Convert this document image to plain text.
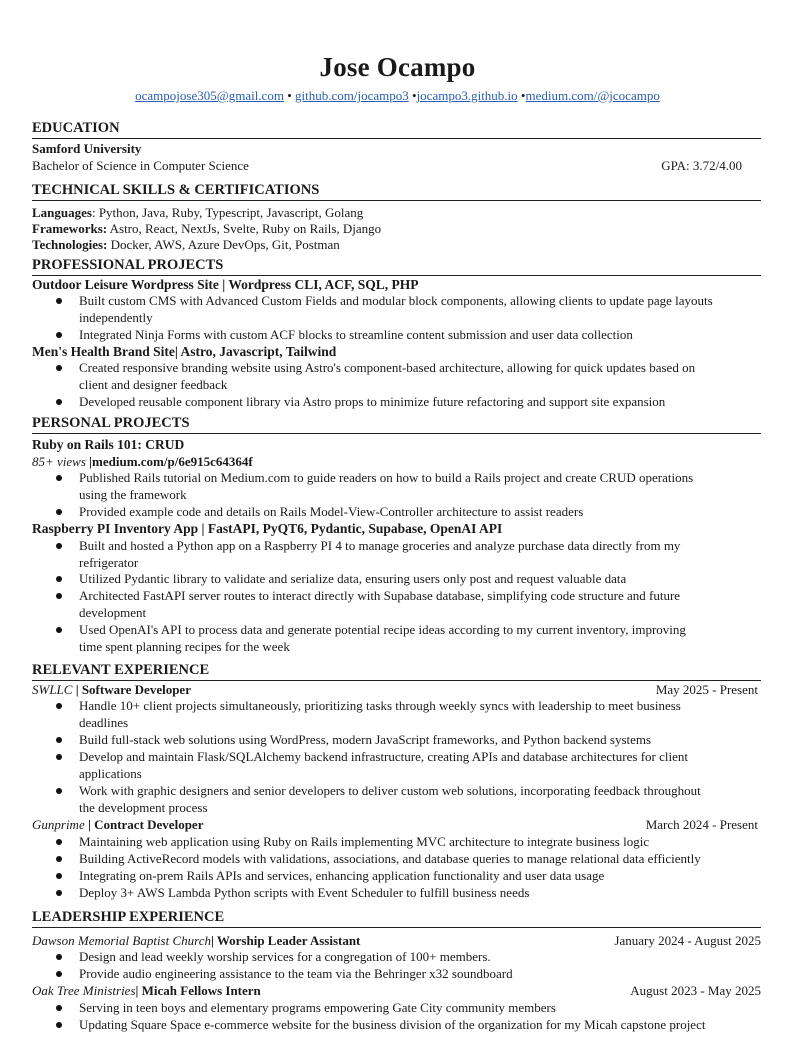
Jose Ocampo
ocampojose305@gmail.com • github.com/jocampo3 •jocampo3.github.io •medium.com/@jcocampo
EDUCATION
Samford University
Bachelor of Science in Computer Science	GPA: 3.72/4.00
TECHNICAL SKILLS & CERTIFICATIONS
Languages: Python, Java, Ruby, Typescript, Javascript, Golang
Frameworks: Astro, React, NextJs, Svelte, Ruby on Rails, Django
Technologies: Docker, AWS, Azure DevOps, Git, Postman
PROFESSIONAL PROJECTS
Outdoor Leisure Wordpress Site | Wordpress CLI, ACF, SQL, PHP
Built custom CMS with Advanced Custom Fields and modular block components, allowing clients to update page layouts
independently
Integrated Ninja Forms with custom ACF blocks to streamline content submission and user data collection
Men's Health Brand Site| Astro, Javascript, Tailwind
Created responsive branding website using Astro's component-based architecture, allowing for quick updates based on
client and designer feedback
Developed reusable component library via Astro props to minimize future refactoring and support site expansion
PERSONAL PROJECTS
Ruby on Rails 101: CRUD
85+ views |medium.com/p/6e915c64364f
Published Rails tutorial on Medium.com to guide readers on how to build a Rails project and create CRUD operations
using the framework
Provided example code and details on Rails Model-View-Controller architecture to assist readers
Raspberry PI Inventory App | FastAPI, PyQT6, Pydantic, Supabase, OpenAI API
Built and hosted a Python app on a Raspberry PI 4 to manage groceries and analyze purchase data directly from my
refrigerator
Utilized Pydantic library to validate and serialize data, ensuring users only post and request valuable data
Architected FastAPI server routes to interact directly with Supabase database, simplifying code structure and future
development
Used OpenAI's API to process data and generate potential recipe ideas according to my current inventory, improving
time spent planning recipes for the week
RELEVANT EXPERIENCE
SWLLC | Software Developer	May 2025 - Present
Handle 10+ client projects simultaneously, prioritizing tasks through weekly syncs with leadership to meet business
deadlines
Build full-stack web solutions using WordPress, modern JavaScript frameworks, and Python backend systems
Develop and maintain Flask/SQLAlchemy backend infrastructure, creating APIs and database architectures for client
applications
Work with graphic designers and senior developers to deliver custom web solutions, incorporating feedback throughout
the development process
Gunprime | Contract Developer	March 2024 - Present
Maintaining web application using Ruby on Rails implementing MVC architecture to integrate business logic
Building ActiveRecord models with validations, associations, and database queries to manage relational data efficiently
Integrating on-prem Rails APIs and services, enhancing application functionality and user data usage
Deploy 3+ AWS Lambda Python scripts with Event Scheduler to fulfill business needs
LEADERSHIP EXPERIENCE
Dawson Memorial Baptist Church| Worship Leader Assistant	January 2024 - August 2025
Design and lead weekly worship services for a congregation of 100+ members.
Provide audio engineering assistance to the team via the Behringer x32 soundboard
Oak Tree Ministries| Micah Fellows Intern	August 2023 - May 2025
Serving in teen boys and elementary programs empowering Gate City community members
Updating Square Space e-commerce website for the business division of the organization for my Micah capstone project
